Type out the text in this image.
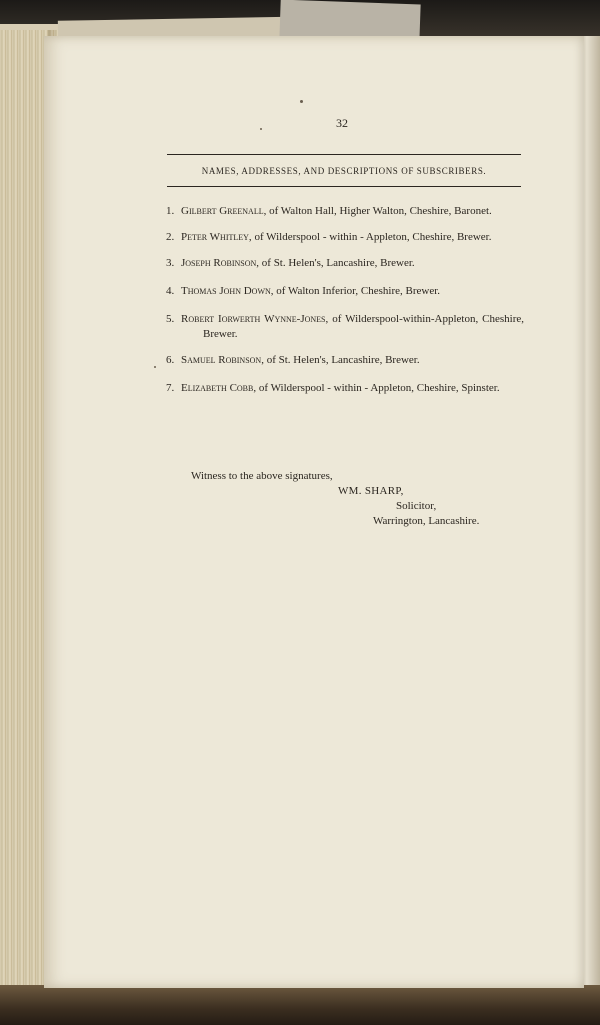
32
NAMES, ADDRESSES, AND DESCRIPTIONS OF SUBSCRIBERS.
1. Gilbert Greenall, of Walton Hall, Higher Walton, Cheshire, Baronet.
2. Peter Whitley, of Wilderspool - within - Appleton, Cheshire, Brewer.
3. Joseph Robinson, of St. Helen's, Lancashire, Brewer.
4. Thomas John Down, of Walton Inferior, Cheshire, Brewer.
5. Robert Iorwerth Wynne-Jones, of Wilderspool-within-Appleton, Cheshire, Brewer.
6. Samuel Robinson, of St. Helen's, Lancashire, Brewer.
7. Elizabeth Cobb, of Wilderspool - within - Appleton, Cheshire, Spinster.
Witness to the above signatures,
WM. SHARP,
Solicitor,
Warrington, Lancashire.
